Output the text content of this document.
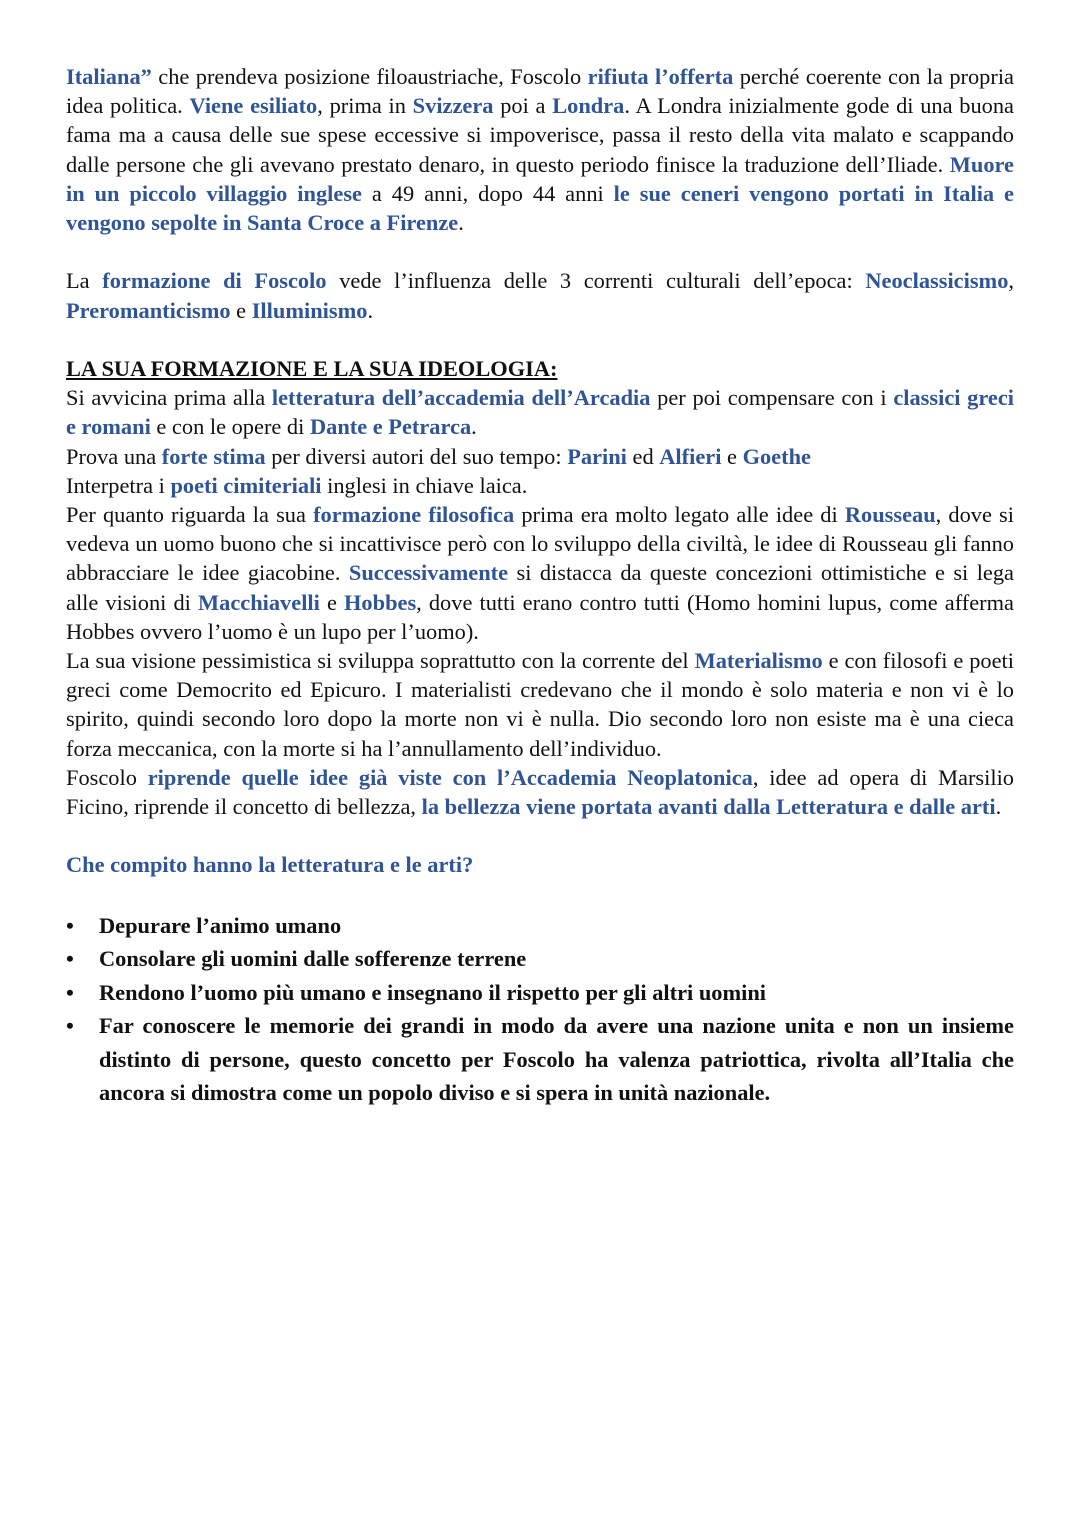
Italiana” che prendeva posizione filoaustriache, Foscolo rifiuta l’offerta perché coerente con la propria idea politica. Viene esiliato, prima in Svizzera poi a Londra. A Londra inizialmente gode di una buona fama ma a causa delle sue spese eccessive si impoverisce, passa il resto della vita malato e scappando dalle persone che gli avevano prestato denaro, in questo periodo finisce la traduzione dell’Iliade. Muore in un piccolo villaggio inglese a 49 anni, dopo 44 anni le sue ceneri vengono portati in Italia e vengono sepolte in Santa Croce a Firenze.

La formazione di Foscolo vede l’influenza delle 3 correnti culturali dell’epoca: Neoclassicismo, Preromanticismo e Illuminismo.

LA SUA FORMAZIONE E LA SUA IDEOLOGIA:

Si avvicina prima alla letteratura dell’accademia dell’Arcadia per poi compensare con i classici greci e romani e con le opere di Dante e Petrarca.

Prova una forte stima per diversi autori del suo tempo: Parini ed Alfieri e Goethe

Interpetra i poeti cimiteriali inglesi in chiave laica.

Per quanto riguarda la sua formazione filosofica prima era molto legato alle idee di Rousseau, dove si vedeva un uomo buono che si incattivisce però con lo sviluppo della civiltà, le idee di Rousseau gli fanno abbracciare le idee giacobine. Successivamente si distacca da queste concezioni ottimistiche e si lega alle visioni di Macchiavelli e Hobbes, dove tutti erano contro tutti (Homo homini lupus, come afferma Hobbes ovvero l’uomo è un lupo per l’uomo).

La sua visione pessimistica si sviluppa soprattutto con la corrente del Materialismo e con filosofi e poeti greci come Democrito ed Epicuro. I materialisti credevano che il mondo è solo materia e non vi è lo spirito, quindi secondo loro dopo la morte non vi è nulla. Dio secondo loro non esiste ma è una cieca forza meccanica, con la morte si ha l’annullamento dell’individuo.

Foscolo riprende quelle idee già viste con l’Accademia Neoplatonica, idee ad opera di Marsilio Ficino, riprende il concetto di bellezza, la bellezza viene portata avanti dalla Letteratura e dalle arti.

Che compito hanno la letteratura e le arti?

• Depurare l’animo umano
• Consolare gli uomini dalle sofferenze terrene
• Rendono l’uomo più umano e insegnano il rispetto per gli altri uomini
• Far conoscere le memorie dei grandi in modo da avere una nazione unita e non un insieme distinto di persone, questo concetto per Foscolo ha valenza patriottica, rivolta all’Italia che ancora si dimostra come un popolo diviso e si spera in unità nazionale.
